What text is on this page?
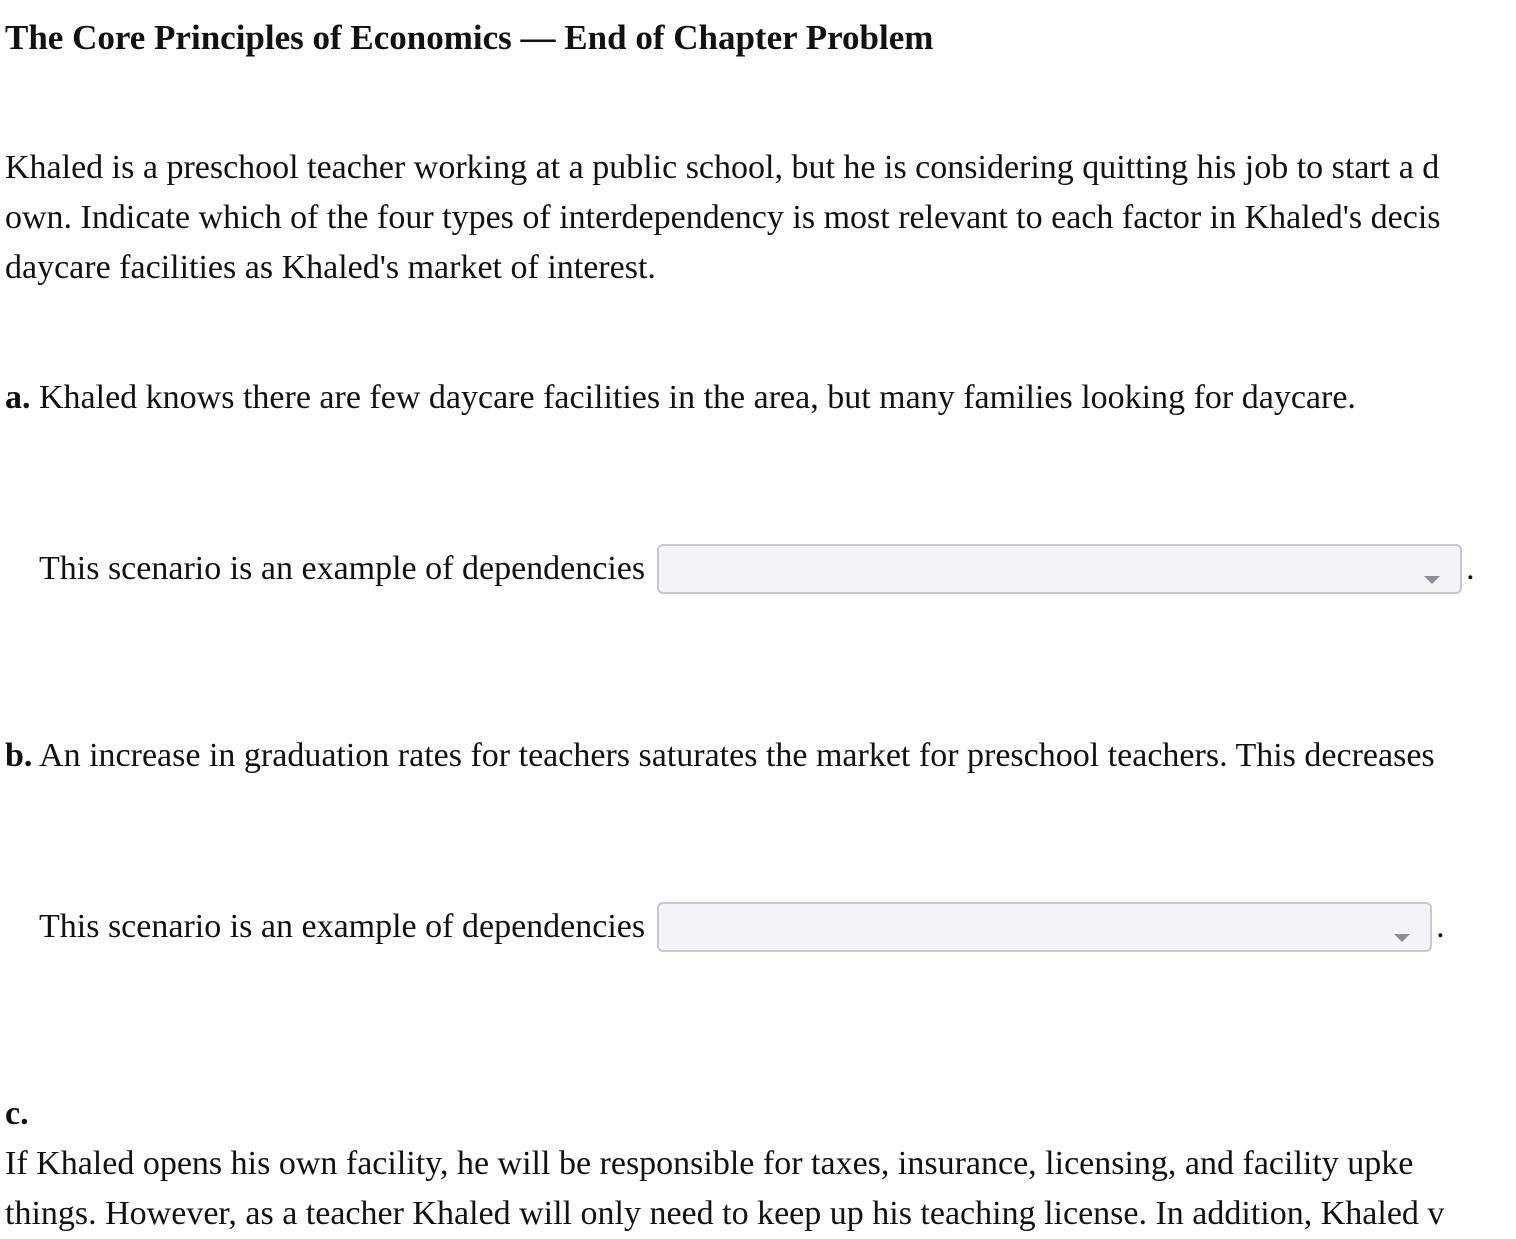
The Core Principles of Economics — End of Chapter Problem
Khaled is a preschool teacher working at a public school, but he is considering quitting his job to start a d
own. Indicate which of the four types of interdependency is most relevant to each factor in Khaled's decis
daycare facilities as Khaled's market of interest.

a. Khaled knows there are few daycare facilities in the area, but many families looking for daycare.

This scenario is an example of dependencies	.

b. An increase in graduation rates for teachers saturates the market for preschool teachers. This decreases

This scenario is an example of dependencies	.
c.
If Khaled opens his own facility, he will be responsible for taxes, insurance, licensing, and facility upke
things. However, as a teacher Khaled will only need to keep up his teaching license. In addition, Khaled v
